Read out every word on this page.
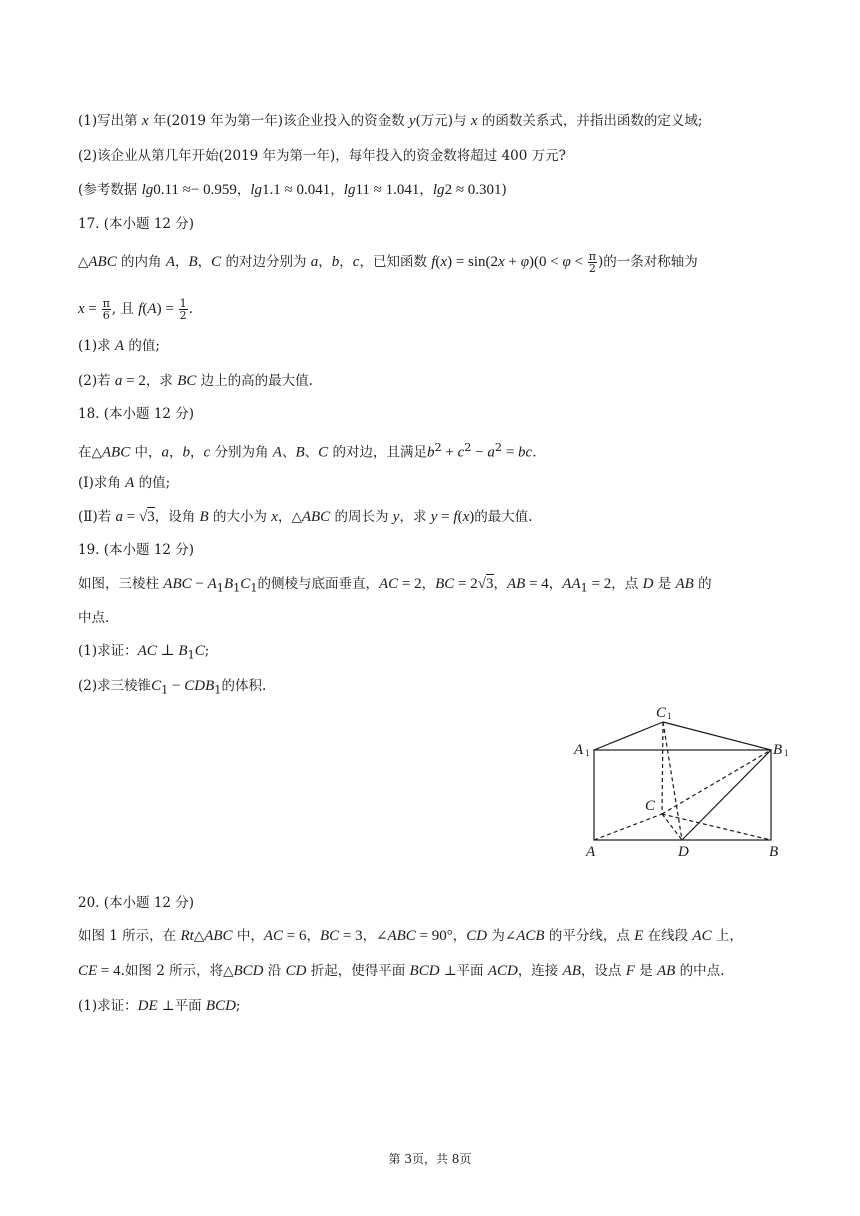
(1)写出第 x 年(2019 年为第一年)该企业投入的资金数 y(万元)与 x 的函数关系式，并指出函数的定义域;
(2)该企业从第几年开始(2019 年为第一年)，每年投入的资金数将超过 400 万元?
(参考数据 lg0.11 ≈− 0.959，lg1.1 ≈ 0.041，lg11 ≈ 1.041，lg2 ≈ 0.301)
17. (本小题 12 分)
△ABC 的内角 A，B，C 的对边分别为 a，b，c，已知函数 $f(x) = \sin(2x + \varphi)(0 < \varphi < \frac{\pi}{2}$ )的一条对称轴为
$x = \frac{\pi}{6}$ , 且 $f(A) = \frac{1}{2}$ .
(1)求 A 的值;
(2)若 a = 2，求 BC 边上的高的最大值.
18. (本小题 12 分)
在△ABC 中，a，b，c 分别为角 A、B、C 的对边，且满足$b^2 + c^2 - a^2$ = bc.
(Ⅰ)求角 A 的值;
(Ⅱ)若 a = √3，设角 B 的大小为 x，△ABC 的周长为 y，求 y = f(x)的最大值.
19. (本小题 12 分)
如图，三棱柱 ABC − $A_1B_1C_1$的侧棱与底面垂直，AC = 2，BC = 2√3，AB = 4，$AA_1 = 2$，点 D 是 AB 的
中点.
(1)求证：AC ⊥ $B_1C$;
(2)求三棱锥$C_1 - CDB_1$的体积.
C 1
A 1	B 1
C
A	D	B
20. (本小题 12 分)
如图 1 所示，在 Rt△ABC 中，AC = 6，BC = 3，∠ABC = 90°，CD 为∠ACB 的平分线，点 E 在线段 AC 上，
CE = 4.如图 2 所示，将△BCD 沿 CD 折起，使得平面 BCD ⊥平面 ACD，连接 AB，设点 F 是 AB 的中点.
(1)求证：DE ⊥平面 BCD;
第 3页，共 8页
